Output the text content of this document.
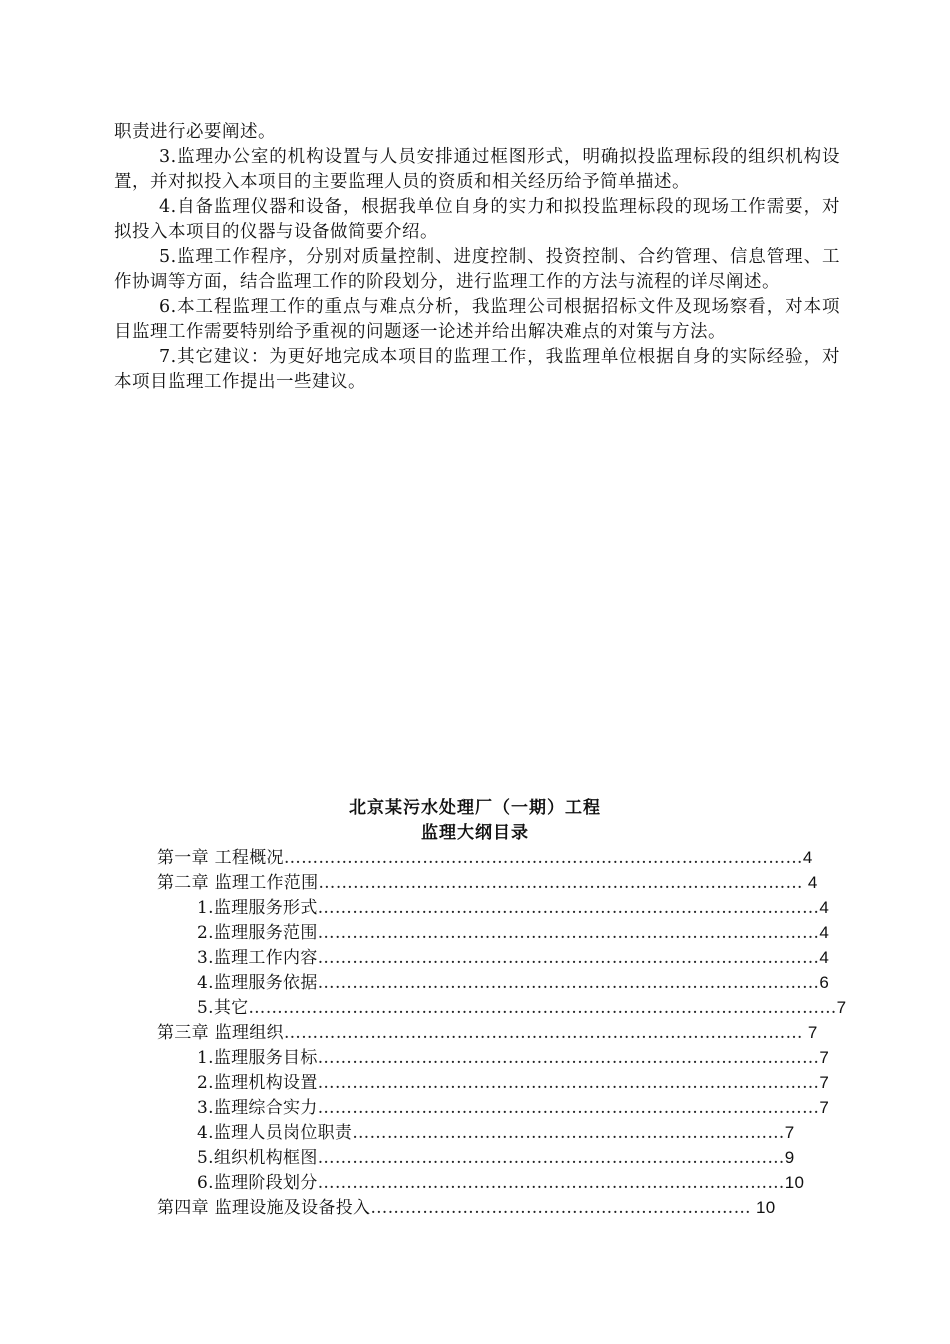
职责进行必要阐述。

3.监理办公室的机构设置与人员安排通过框图形式，明确拟投监理标段的组织机构设置，并对拟投入本项目的主要监理人员的资质和相关经历给予简单描述。

4.自备监理仪器和设备，根据我单位自身的实力和拟投监理标段的现场工作需要，对拟投入本项目的仪器与设备做简要介绍。

5.监理工作程序，分别对质量控制、进度控制、投资控制、合约管理、信息管理、工作协调等方面，结合监理工作的阶段划分，进行监理工作的方法与流程的详尽阐述。

6.本工程监理工作的重点与难点分析，我监理公司根据招标文件及现场察看，对本项目监理工作需要特别给予重视的问题逐一论述并给出解决难点的对策与方法。

7.其它建议：为更好地完成本项目的监理工作，我监理单位根据自身的实际经验，对本项目监理工作提出一些建议。

北京某污水处理厂（一期）工程
监理大纲目录
第一章 工程概况………………………………………………………………………………4
第二章 监理工作范围………………………………………………………………………… 4
1.监理服务形式……………………………………………………………………………4
2.监理服务范围……………………………………………………………………………4
3.监理工作内容……………………………………………………………………………4
4.监理服务依据……………………………………………………………………………6
5.其它…………………………………………………………………………………………7
第三章 监理组织……………………………………………………………………………… 7
1.监理服务目标……………………………………………………………………………7
2.监理机构设置……………………………………………………………………………7
3.监理综合实力……………………………………………………………………………7
4.监理人员岗位职责…………………………………………………………………7
5.组织机构框图………………………………………………………………………9
6.监理阶段划分………………………………………………………………………10
第四章 监理设施及设备投入………………………………………………………… 10
